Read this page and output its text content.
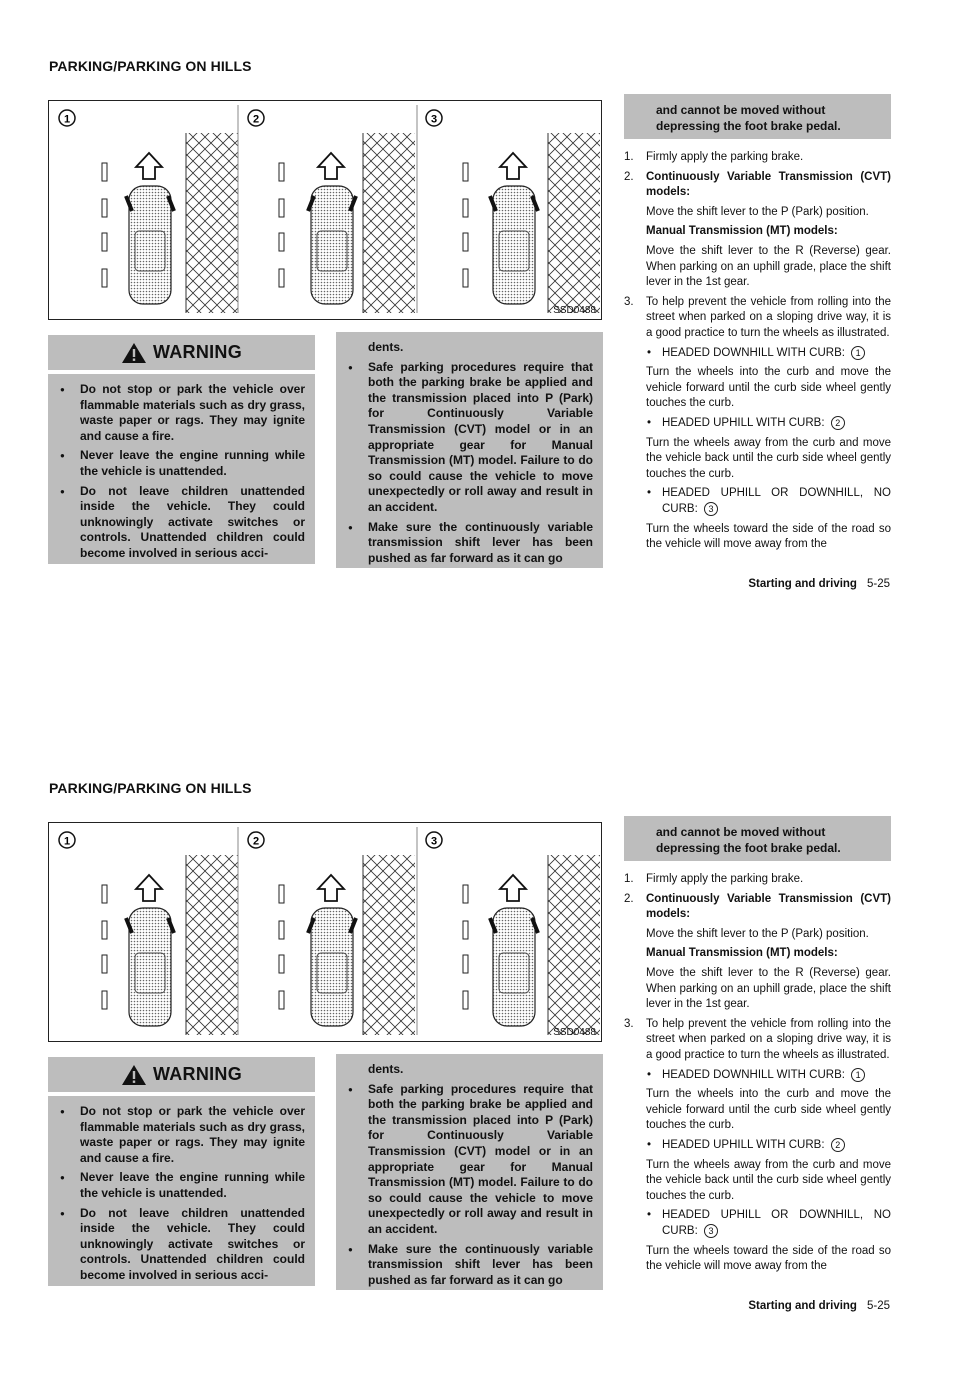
PARKING/PARKING ON HILLS
1	2	3
SSD0488
WARNING
● Do not stop or park the vehicle over flammable materials such as dry grass, waste paper or rags. They may ignite and cause a fire.
● Never leave the engine running while the vehicle is unattended.
● Do not leave children unattended inside the vehicle. They could unknowingly activate switches or controls. Unattended children could become involved in serious acci-
dents.
● Safe parking procedures require that both the parking brake be applied and the transmission placed into P (Park) for Continuously Variable Transmission (CVT) model or in an appropriate gear for Manual Transmission (MT) model. Failure to do so could cause the vehicle to move unexpectedly or roll away and result in an accident.
● Make sure the continuously variable transmission shift lever has been pushed as far forward as it can go
and cannot be moved without depressing the foot brake pedal.

1. Firmly apply the parking brake.

2. Continuously Variable Transmission (CVT) models:

Move the shift lever to the P (Park) position.

Manual Transmission (MT) models:

Move the shift lever to the R (Reverse) gear. When parking on an uphill grade, place the shift lever in the 1st gear.

3. To help prevent the vehicle from rolling into the street when parked on a sloping drive way, it is a good practice to turn the wheels as illustrated.

• HEADED DOWNHILL WITH CURB: 1

Turn the wheels into the curb and move the vehicle forward until the curb side wheel gently touches the curb.

• HEADED UPHILL WITH CURB: 2

Turn the wheels away from the curb and move the vehicle back until the curb side wheel gently touches the curb.

• HEADED UPHILL OR DOWNHILL, NO CURB: 3

Turn the wheels toward the side of the road so the vehicle will move away from the

Starting and driving 5-25
PARKING/PARKING ON HILLS
1	2	3
SSD0488
WARNING
● Do not stop or park the vehicle over flammable materials such as dry grass, waste paper or rags. They may ignite and cause a fire.
● Never leave the engine running while the vehicle is unattended.
● Do not leave children unattended inside the vehicle. They could unknowingly activate switches or controls. Unattended children could become involved in serious acci-
dents.
● Safe parking procedures require that both the parking brake be applied and the transmission placed into P (Park) for Continuously Variable Transmission (CVT) model or in an appropriate gear for Manual Transmission (MT) model. Failure to do so could cause the vehicle to move unexpectedly or roll away and result in an accident.
● Make sure the continuously variable transmission shift lever has been pushed as far forward as it can go
and cannot be moved without depressing the foot brake pedal.

1. Firmly apply the parking brake.

2. Continuously Variable Transmission (CVT) models:

Move the shift lever to the P (Park) position.

Manual Transmission (MT) models:

Move the shift lever to the R (Reverse) gear. When parking on an uphill grade, place the shift lever in the 1st gear.

3. To help prevent the vehicle from rolling into the street when parked on a sloping drive way, it is a good practice to turn the wheels as illustrated.

• HEADED DOWNHILL WITH CURB: 1

Turn the wheels into the curb and move the vehicle forward until the curb side wheel gently touches the curb.

• HEADED UPHILL WITH CURB: 2

Turn the wheels away from the curb and move the vehicle back until the curb side wheel gently touches the curb.

• HEADED UPHILL OR DOWNHILL, NO CURB: 3

Turn the wheels toward the side of the road so the vehicle will move away from the

Starting and driving 5-25
